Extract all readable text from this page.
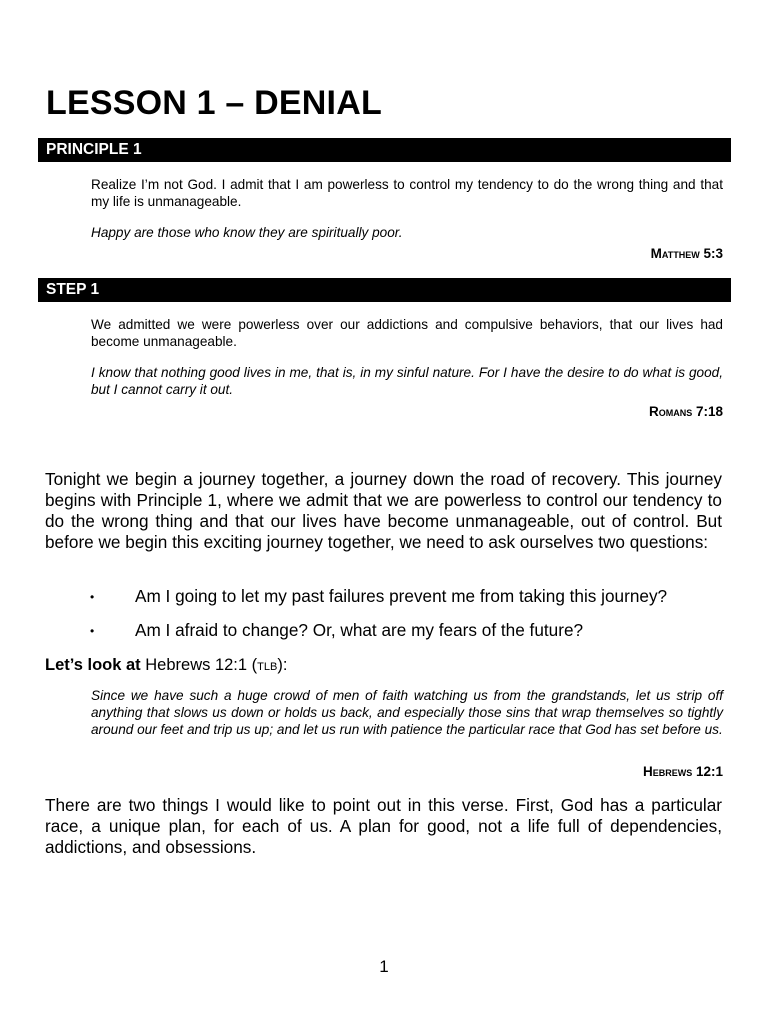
LESSON 1 – DENIAL
PRINCIPLE 1

Realize I’m not God. I admit that I am powerless to control my tendency to do the wrong thing and that my life is unmanageable.

Happy are those who know they are spiritually poor.

Matthew 5:3
STEP 1

We admitted we were powerless over our addictions and compulsive behaviors, that our lives had become unmanageable.

I know that nothing good lives in me, that is, in my sinful nature. For I have the desire to do what is good, but I cannot carry it out.

Romans 7:18

Tonight we begin a journey together, a journey down the road of recovery. This journey begins with Principle 1, where we admit that we are powerless to control our tendency to do the wrong thing and that our lives have become unmanageable, out of control. But before we begin this exciting journey together, we need to ask ourselves two questions:

• Am I going to let my past failures prevent me from taking this journey?
• Am I afraid to change? Or, what are my fears of the future?
Let’s look at Hebrews 12:1 (tlb):

Since we have such a huge crowd of men of faith watching us from the grandstands, let us strip off anything that slows us down or holds us back, and especially those sins that wrap themselves so tightly around our feet and trip us up; and let us run with patience the particular race that God has set before us.

Hebrews 12:1

There are two things I would like to point out in this verse. First, God has a particular race, a unique plan, for each of us. A plan for good, not a life full of dependencies, addictions, and obsessions.

1
